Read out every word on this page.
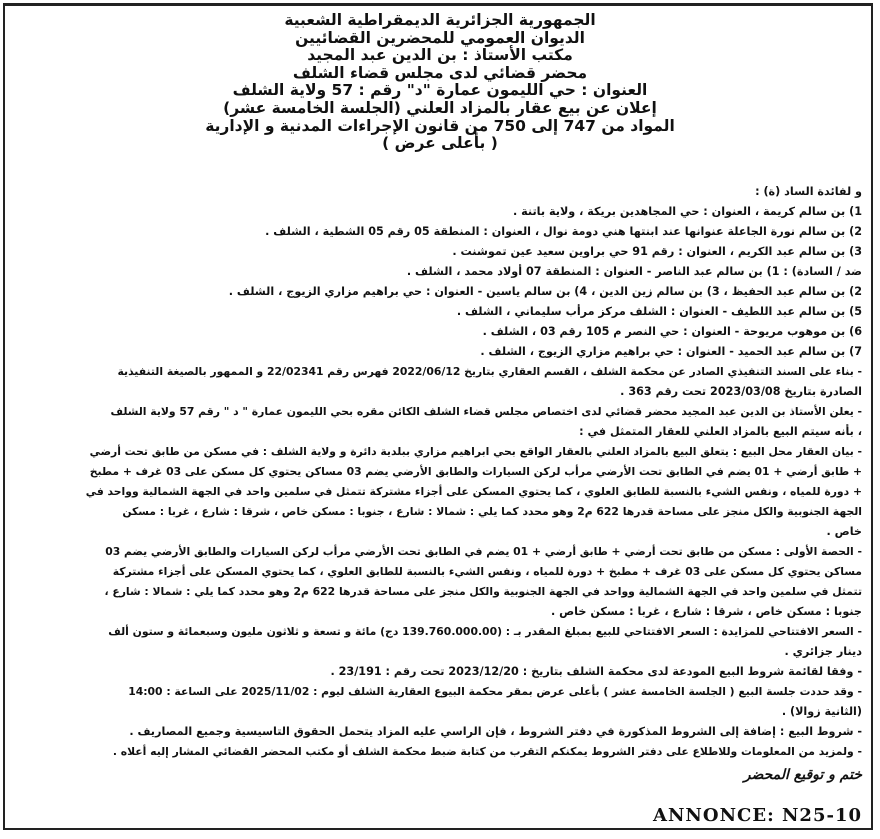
الجمهورية الجزائرية الديمقراطية الشعبية
الديوان العمومي للمحضرين القضائيين
مكتب الأستاذ : بن الدين عبد المجيد
محضر قضائي لدى مجلس قضاء الشلف
العنوان : حي الليمون عمارة "د" رقم : 57 ولاية الشلف
إعلان عن بيع عقار بالمزاد العلني (الجلسة الخامسة عشر)
المواد من 747 إلى 750 من قانون الإجراءات المدنية و الإدارية
( بأعلى عرض )
و لفائدة الساد (ة) :
1) بن سالم كريمة ، العنوان : حي المجاهدين بريكة ، ولاية باتنة .
2) بن سالم نورة الجاعلة عنوانها عند ابنتها هني دومة نوال ، العنوان : المنطقة 05 رقم 05 الشطية ، الشلف .
3) بن سالم عبد الكريم ، العنوان : رقم 91 حي براوين سعيد عين تموشنت .
ضد / السادة) : 1) بن سالم عبد الناصر - العنوان : المنطقة 07 أولاد محمد ، الشلف .
2) بن سالم عبد الحفيظ ، 3) بن سالم زين الدين ، 4) بن سالم ياسين - العنوان : حي براهيم مزاري الزيوج ، الشلف .
5) بن سالم عبد اللطيف - العنوان : الشلف مركز مرأب سليماني ، الشلف .
6) بن موهوب مريوحة - العنوان : حي النصر م 105 رقم 03 ، الشلف .
7) بن سالم عبد الحميد - العنوان : حي براهيم مزاري الزيوج ، الشلف .
- بناء على السند التنفيذي الصادر عن محكمة الشلف ، القسم العقاري بتاريخ 2022/06/12 فهرس رقم 22/02341 و الممهور بالصيغة التنفيذية
الصادرة بتاريخ 2023/03/08 تحت رقم 363 .
- يعلن الأستاذ بن الدين عبد المجيد محضر قضائي لدى اختصاص مجلس قضاء الشلف الكائن مقره بحي الليمون عمارة " د " رقم 57 ولاية الشلف
، بأنه سيتم البيع بالمزاد العلني للعقار المتمثل في :
- بيان العقار محل البيع : يتعلق البيع بالمزاد العلني بالعقار الواقع بحي ابراهيم مزاري ببلدية دائرة و ولاية الشلف : في مسكن من طابق تحت أرضي
+ طابق أرضي + 01 يضم في الطابق تحت الأرضي مرأب لركن السيارات والطابق الأرضي يضم 03 مساكن يحتوي كل مسكن على 03 غرف + مطبخ
+ دورة للمياه ، ونفس الشيء بالنسبة للطابق العلوي ، كما يحتوي المسكن على أجزاء مشتركة تتمثل في سلمين واحد في الجهة الشمالية وواحد في
الجهة الجنوبية والكل منجز على مساحة قدرها 622 م2 وهو محدد كما يلي : شمالا : شارع ، جنوبا : مسكن خاص ، شرقا : شارع ، غربا : مسكن
خاص .
- الحصة الأولى : مسكن من طابق تحت أرضي + طابق أرضي + 01 يضم في الطابق تحت الأرضي مرأب لركن السيارات والطابق الأرضي يضم 03
مساكن يحتوي كل مسكن على 03 غرف + مطبخ + دورة للمياه ، ونفس الشيء بالنسبة للطابق العلوي ، كما يحتوي المسكن على أجزاء مشتركة
تتمثل في سلمين واحد في الجهة الشمالية وواحد في الجهة الجنوبية والكل منجز على مساحة قدرها 622 م2 وهو محدد كما يلي : شمالا : شارع ،
جنوبا : مسكن خاص ، شرقا : شارع ، غربا : مسكن خاص .
- السعر الافتتاحي للمزايدة : السعر الافتتاحي للبيع بمبلغ المقدر بـ : (139.760.000.00 دج) مائة و تسعة و ثلاثون مليون وسبعمائة و ستون ألف
دينار جزائري .
- وفقا لقائمة شروط البيع المودعة لدى محكمة الشلف بتاريخ : 2023/12/20 تحت رقم : 23/191 .
- وقد حددت جلسة البيع ( الجلسة الخامسة عشر ) بأعلى عرض بمقر محكمة البيوع العقارية الشلف ليوم : 2025/11/02 على الساعة : 14:00
(الثانية زوالا) .
- شروط البيع : إضافة إلى الشروط المذكورة في دفتر الشروط ، فإن الراسي عليه المزاد يتحمل الحقوق التاسيسية وجميع المصاريف .
- ولمزيد من المعلومات وللاطلاع على دفتر الشروط يمكنكم التقرب من كتابة ضبط محكمة الشلف أو مكتب المحضر القضائي المشار إليه أعلاه .
ختم و توقيع المحضر
ANNONCE: N25-10
